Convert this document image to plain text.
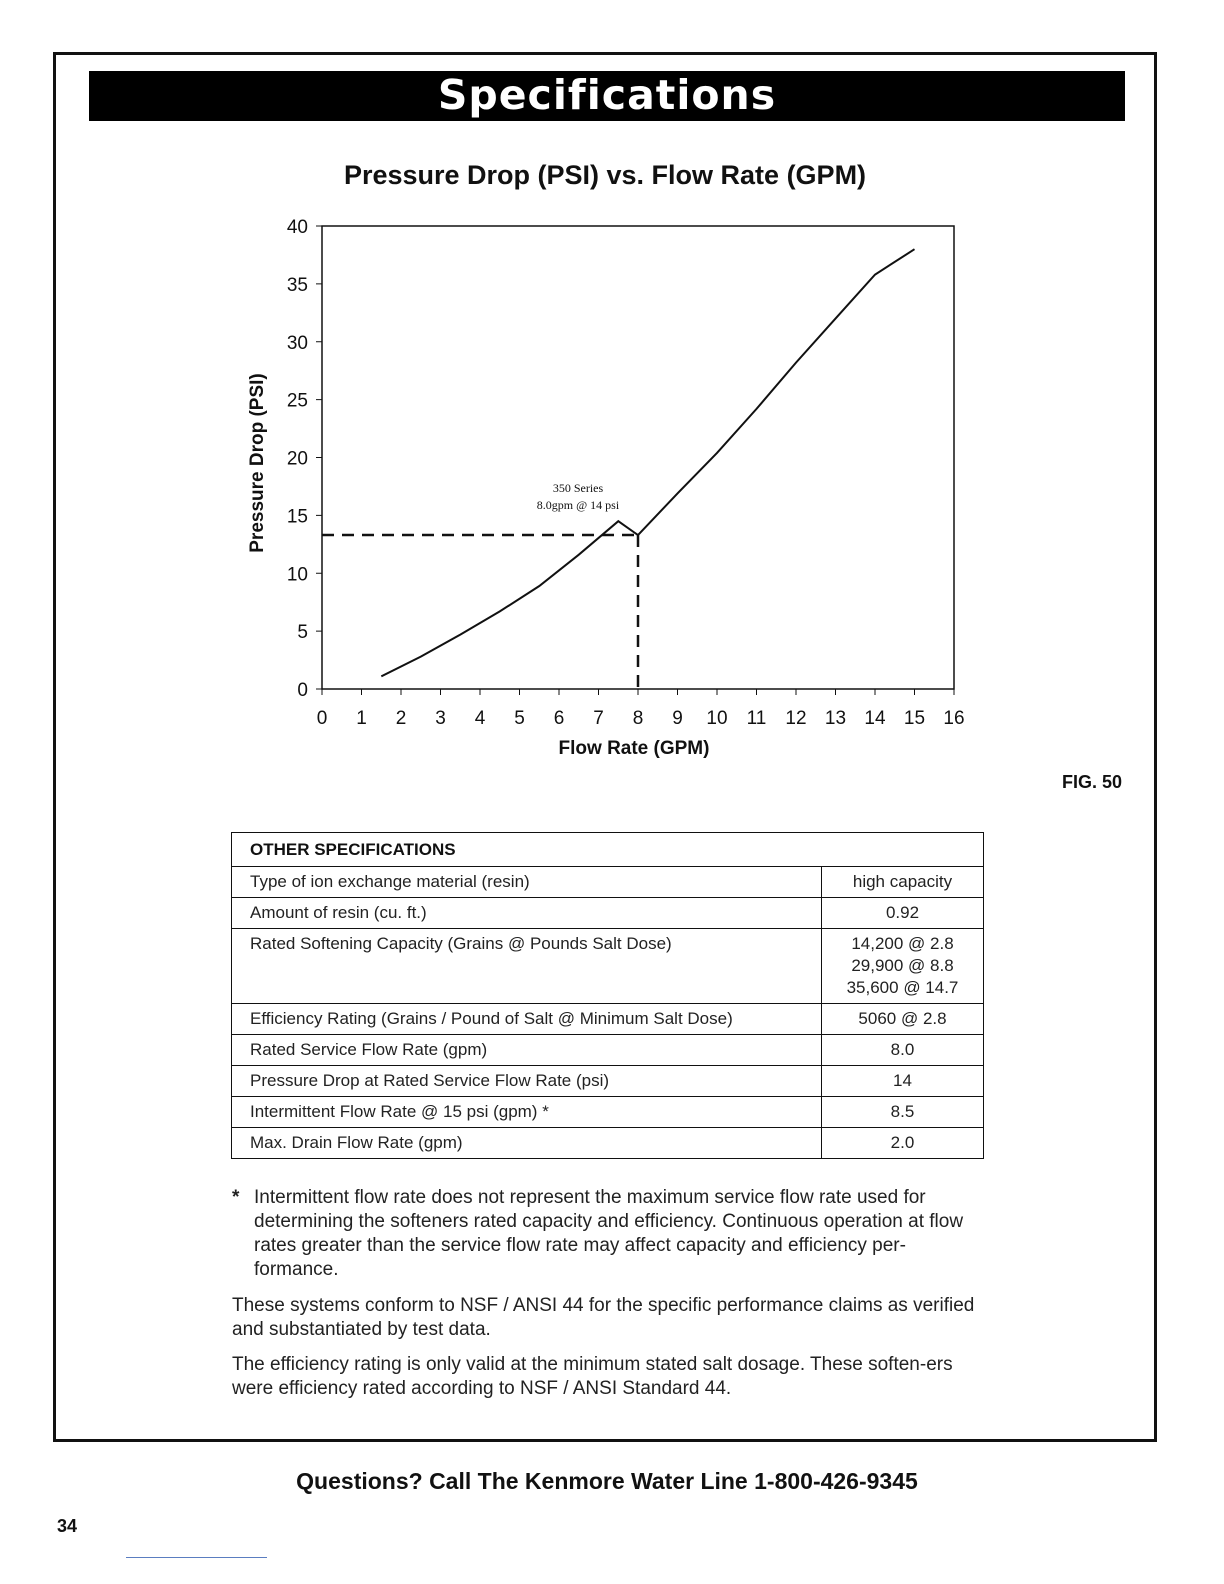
Specifications
Pressure Drop (PSI) vs. Flow Rate (GPM)
0
5
10
15
20
25
30
35
40
0 1 2 3 4 5 6 7 8 9 10 11 12 13 14 15 16
350 Series
8.0gpm @ 14 psi
Pressure Drop (PSI)
Flow Rate (GPM)
FIG. 50
OTHER SPECIFICATIONS	
Type of ion exchange material (resin)	high capacity
Amount of resin (cu. ft.)	0.92
Rated Softening Capacity (Grains @ Pounds Salt Dose)	14,200 @ 2.8
29,900 @ 8.8
35,600 @ 14.7
Efficiency Rating (Grains / Pound of Salt @ Minimum Salt Dose)	5060 @ 2.8
Rated Service Flow Rate (gpm)	8.0
Pressure Drop at Rated Service Flow Rate (psi)	14
Intermittent Flow Rate @ 15 psi (gpm) *	8.5
Max. Drain Flow Rate (gpm)	2.0
* Intermittent flow rate does not represent the maximum service flow rate used for determining the softeners rated capacity and efficiency. Continuous operation at flow rates greater than the service flow rate may affect capacity and efficiency per-formance.
These systems conform to NSF / ANSI 44 for the specific performance claims as verified and substantiated by test data.
The efficiency rating is only valid at the minimum stated salt dosage. These soften-ers were efficiency rated according to NSF / ANSI Standard 44.
Questions? Call The Kenmore Water Line 1-800-426-9345
34
